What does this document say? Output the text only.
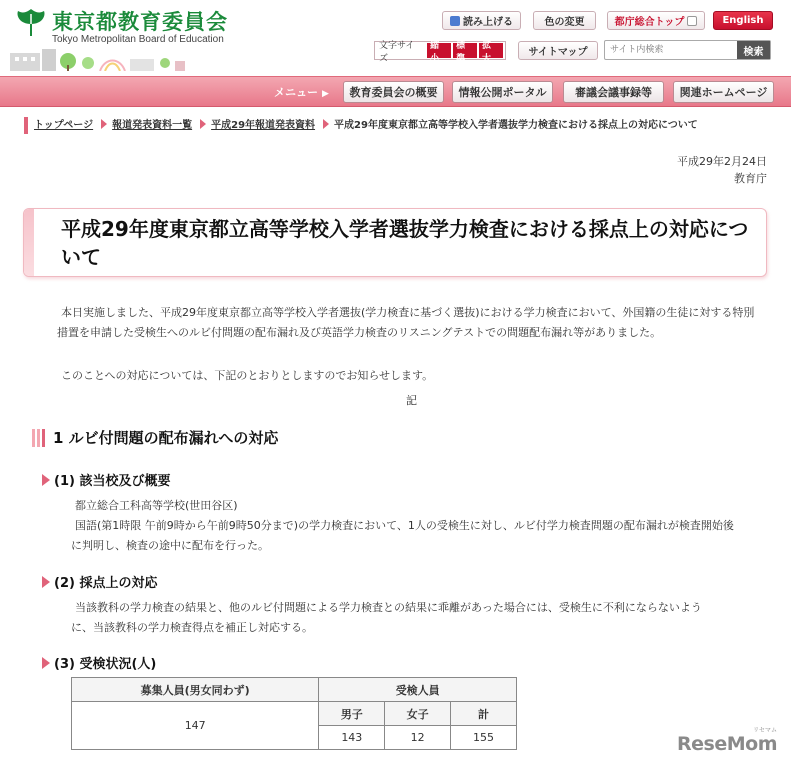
東京都教育委員会
Tokyo Metropolitan Board of Education
読み上げる	色の変更	都庁総合トップ	English
文字サイズ
縮小
標準
拡大
サイトマップ
サイト内検索	検索
メニュー ▶	教育委員会の概要	情報公開ポータル	審議会議事録等	関連ホームページ
トップページ 報道発表資料一覧 平成29年報道発表資料 平成29年度東京都立高等学校入学者選抜学力検査における採点上の対応について
平成29年2月24日
教育庁
平成29年度東京都立高等学校入学者選抜学力検査における採点上の対応について
本日実施しました、平成29年度東京都立高等学校入学者選抜(学力検査に基づく選抜)における学力検査において、外国籍の生徒に対する特別措置を申請した受検生へのルビ付問題の配布漏れ及び英語学力検査のリスニングテストでの問題配布漏れ等がありました。
このことへの対応については、下記のとおりとしますのでお知らせします。
記
1 ルビ付問題の配布漏れへの対応
(1) 該当校及び概要
都立総合工科高等学校(世田谷区)
国語(第1時限 午前9時から午前9時50分まで)の学力検査において、1人の受検生に対し、ルビ付学力検査問題の配布漏れが検査開始後に判明し、検査の途中に配布を行った。
(2) 採点上の対応
当該教科の学力検査の結果と、他のルビ付問題による学力検査との結果に乖離があった場合には、受検生に不利にならないように、当該教科の学力検査得点を補正し対応する。
(3) 受検状況(人)
募集人員(男女同わず)	受検人員		
147	男子	女子	計
	143	12	155	ReseMom
リセマム
